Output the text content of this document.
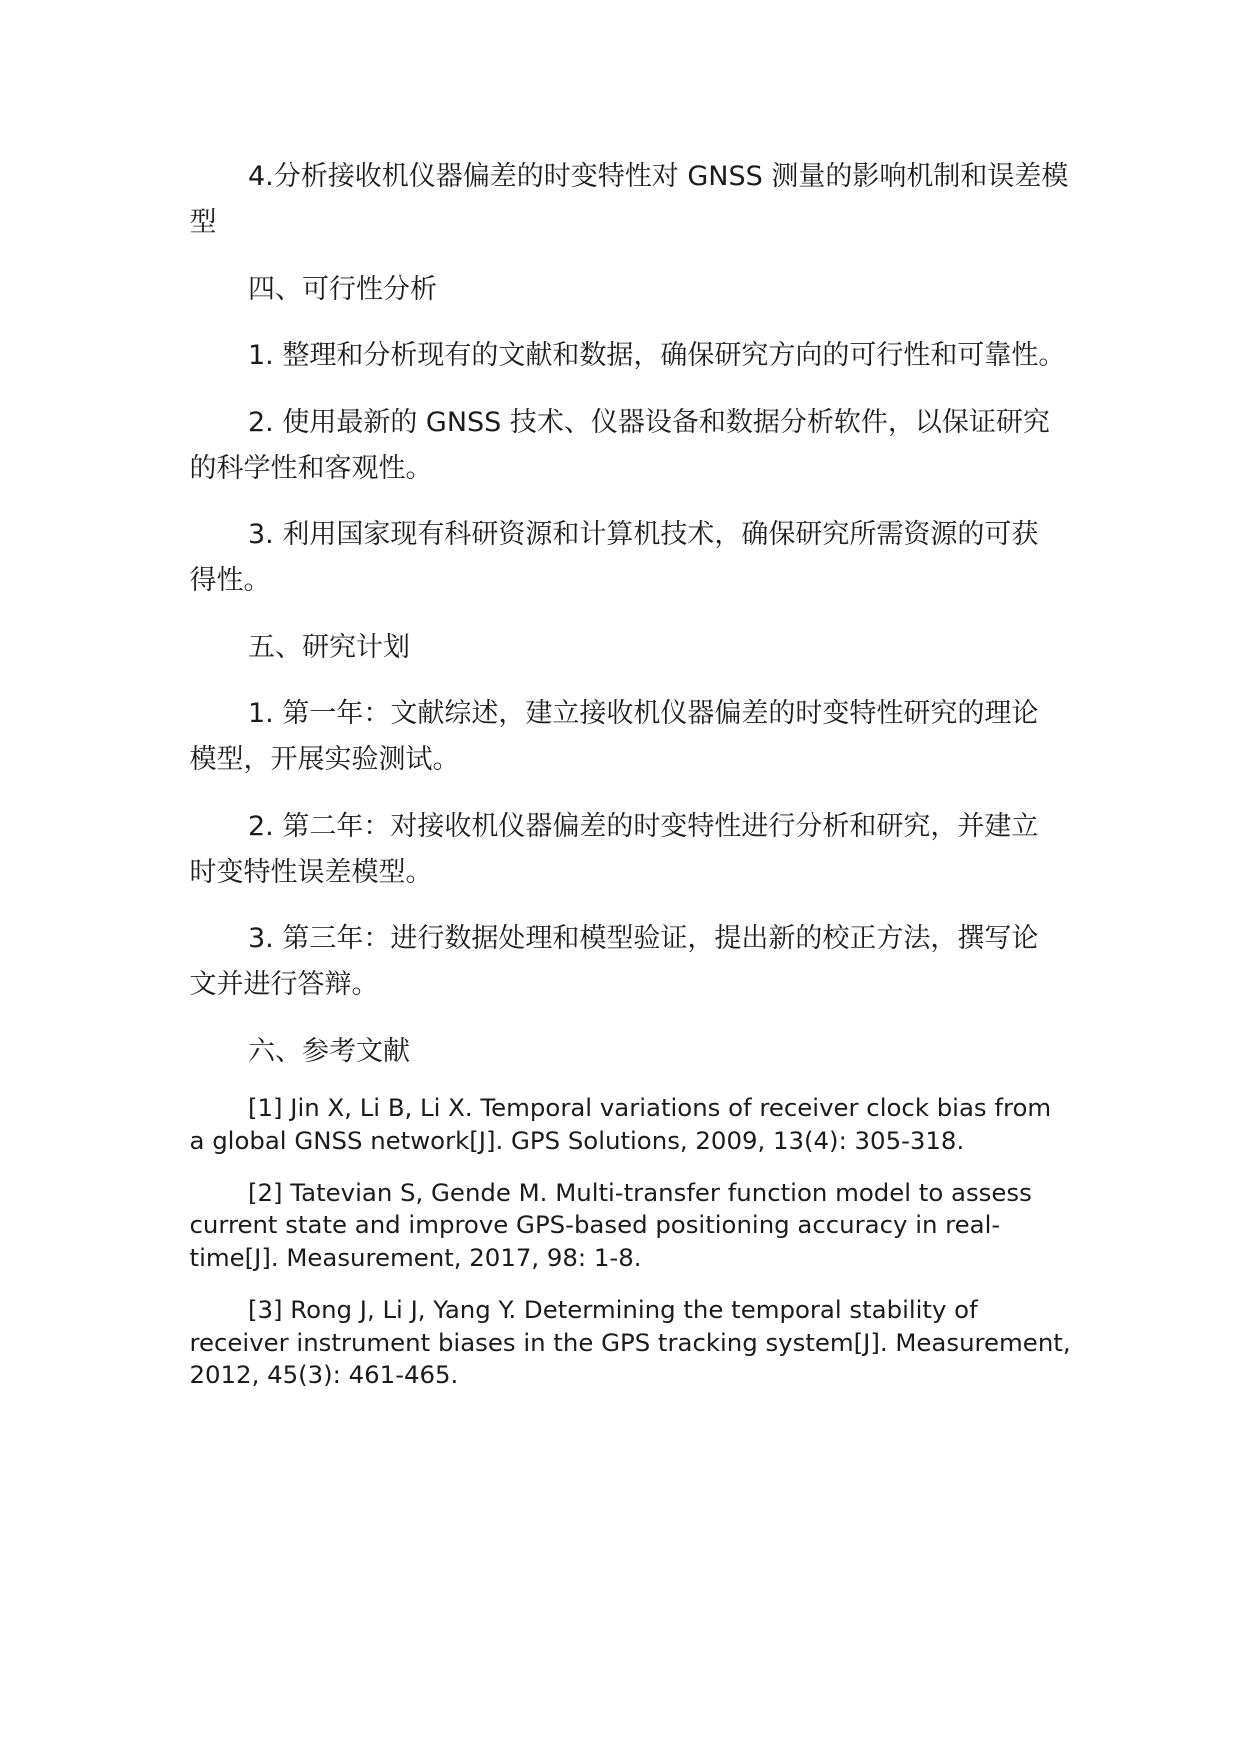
4.分析接收机仪器偏差的时变特性对 GNSS 测量的影响机制和误差模
型
四、可行性分析
1. 整理和分析现有的文献和数据，确保研究方向的可行性和可靠性。
2. 使用最新的 GNSS 技术、仪器设备和数据分析软件，以保证研究
的科学性和客观性。
3. 利用国家现有科研资源和计算机技术，确保研究所需资源的可获
得性。
五、研究计划
1. 第一年：文献综述，建立接收机仪器偏差的时变特性研究的理论
模型，开展实验测试。
2. 第二年：对接收机仪器偏差的时变特性进行分析和研究，并建立
时变特性误差模型。
3. 第三年：进行数据处理和模型验证，提出新的校正方法，撰写论
文并进行答辩。
六、参考文献
[1] Jin X, Li B, Li X. Temporal variations of receiver clock bias from
a global GNSS network[J]. GPS Solutions, 2009, 13(4): 305-318.
[2] Tatevian S, Gende M. Multi-transfer function model to assess
current state and improve GPS-based positioning accuracy in real-
time[J]. Measurement, 2017, 98: 1-8.
[3] Rong J, Li J, Yang Y. Determining the temporal stability of
receiver instrument biases in the GPS tracking system[J]. Measurement,
2012, 45(3): 461-465.
